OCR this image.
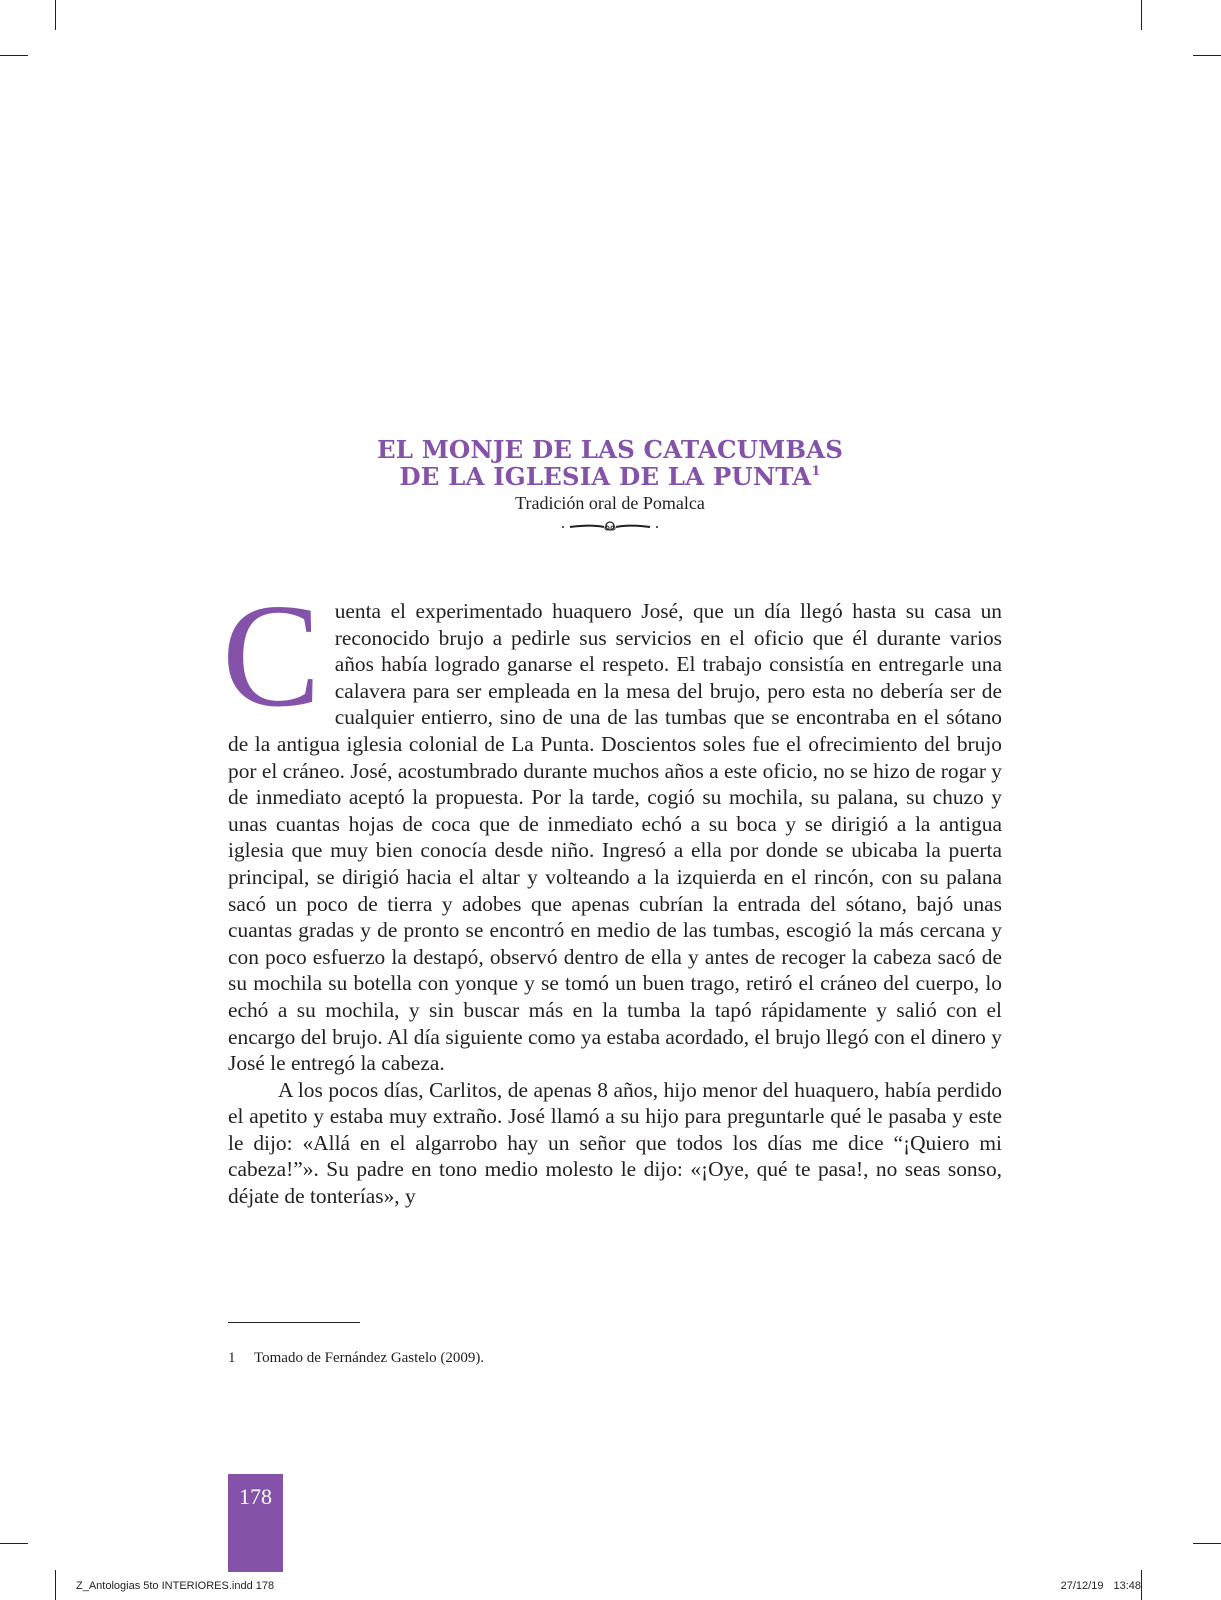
EL MONJE DE LAS CATACUMBAS
DE LA IGLESIA DE LA PUNTA$^1$
Tradición oral de Pomalca

Cuenta el experimentado huaquero José, que un día llegó hasta su casa un reconocido brujo a pedirle sus servicios en el oficio que él durante varios años había logrado ganarse el respeto. El trabajo consistía en entregarle una calavera para ser empleada en la mesa del brujo, pero esta no debería ser de cualquier entierro, sino de una de las tumbas que se encontraba en el sótano de la antigua iglesia colonial de La Punta. Doscientos soles fue el ofrecimiento del brujo por el cráneo. José, acostumbrado durante muchos años a este oficio, no se hizo de rogar y de inmediato aceptó la propuesta. Por la tarde, cogió su mochila, su palana, su chuzo y unas cuantas hojas de coca que de inmediato echó a su boca y se dirigió a la antigua iglesia que muy bien conocía desde niño. Ingresó a ella por donde se ubicaba la puerta principal, se dirigió hacia el altar y volteando a la izquierda en el rincón, con su palana sacó un poco de tierra y adobes que apenas cubrían la entrada del sótano, bajó unas cuantas gradas y de pronto se encontró en medio de las tumbas, escogió la más cercana y con poco esfuerzo la destapó, observó dentro de ella y antes de recoger la cabeza sacó de su mochila su botella con yonque y se tomó un buen trago, retiró el cráneo del cuerpo, lo echó a su mochila, y sin buscar más en la tumba la tapó rápidamente y salió con el encargo del brujo. Al día siguiente como ya estaba acordado, el brujo llegó con el dinero y José le entregó la cabeza.

A los pocos días, Carlitos, de apenas 8 años, hijo menor del huaquero, había perdido el apetito y estaba muy extraño. José llamó a su hijo para preguntarle qué le pasaba y este le dijo: «Allá en el algarrobo hay un señor que todos los días me dice “¡Quiero mi cabeza!”». Su padre en tono medio molesto le dijo: «¡Oye, qué te pasa!, no seas sonso, déjate de tonterías», y

1 Tomado de Fernández Gastelo (2009).
178
Z_Antologias 5to INTERIORES.indd 178	27/12/19 13:48
